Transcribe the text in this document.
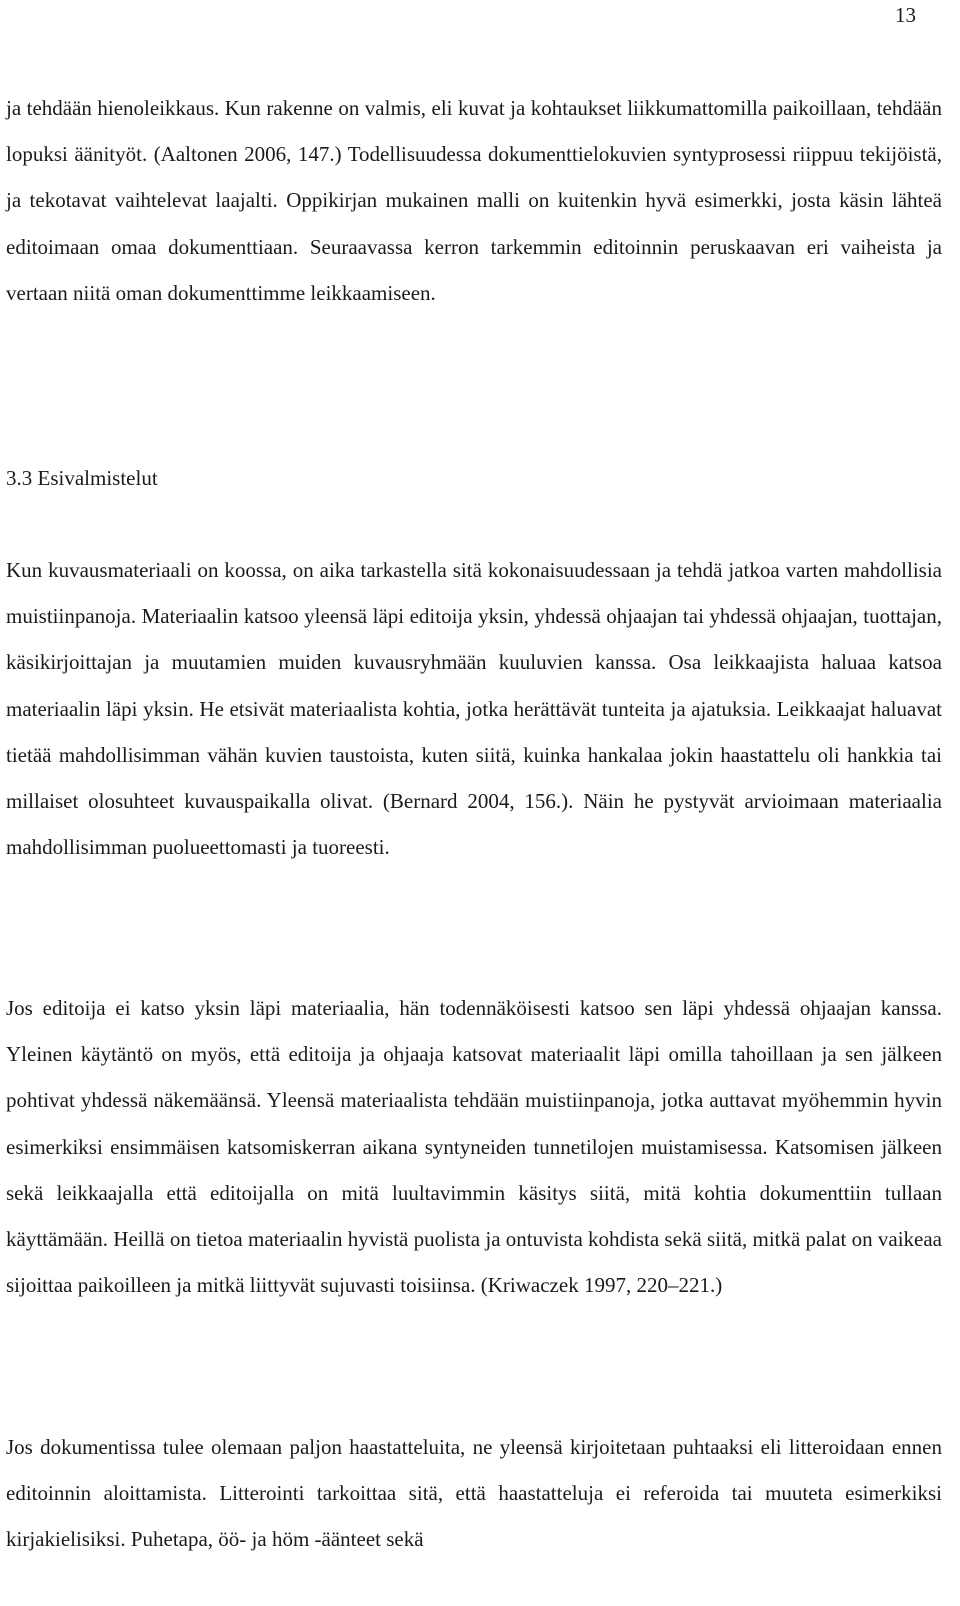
13

ja tehdään hienoleikkaus. Kun rakenne on valmis, eli kuvat ja kohtaukset liikkumattomilla paikoillaan, tehdään lopuksi äänityöt. (Aaltonen 2006, 147.) Todellisuudessa dokumenttielokuvien syntyprosessi riippuu tekijöistä, ja tekotavat vaihtelevat laajalti. Oppikirjan mukainen malli on kuitenkin hyvä esimerkki, josta käsin lähteä editoimaan omaa dokumenttiaan. Seuraavassa kerron tarkemmin editoinnin peruskaavan eri vaiheista ja vertaan niitä oman dokumenttimme leikkaamiseen.

3.3 Esivalmistelut

Kun kuvausmateriaali on koossa, on aika tarkastella sitä kokonaisuudessaan ja tehdä jatkoa varten mahdollisia muistiinpanoja. Materiaalin katsoo yleensä läpi editoija yksin, yhdessä ohjaajan tai yhdessä ohjaajan, tuottajan, käsikirjoittajan ja muutamien muiden kuvausryhmään kuuluvien kanssa. Osa leikkaajista haluaa katsoa materiaalin läpi yksin. He etsivät materiaalista kohtia, jotka herättävät tunteita ja ajatuksia. Leikkaajat haluavat tietää mahdollisimman vähän kuvien taustoista, kuten siitä, kuinka hankalaa jokin haastattelu oli hankkia tai millaiset olosuhteet kuvauspaikalla olivat. (Bernard 2004, 156.). Näin he pystyvät arvioimaan materiaalia mahdollisimman puolueettomasti ja tuoreesti.

Jos editoija ei katso yksin läpi materiaalia, hän todennäköisesti katsoo sen läpi yhdessä ohjaajan kanssa. Yleinen käytäntö on myös, että editoija ja ohjaaja katsovat materiaalit läpi omilla tahoillaan ja sen jälkeen pohtivat yhdessä näkemäänsä. Yleensä materiaalista tehdään muistiinpanoja, jotka auttavat myöhemmin hyvin esimerkiksi ensimmäisen katsomiskerran aikana syntyneiden tunnetilojen muistamisessa. Katsomisen jälkeen sekä leikkaajalla että editoijalla on mitä luultavimmin käsitys siitä, mitä kohtia dokumenttiin tullaan käyttämään. Heillä on tietoa materiaalin hyvistä puolista ja ontuvista kohdista sekä siitä, mitkä palat on vaikeaa sijoittaa paikoilleen ja mitkä liittyvät sujuvasti toisiinsa. (Kriwaczek 1997, 220–221.)

Jos dokumentissa tulee olemaan paljon haastatteluita, ne yleensä kirjoitetaan puhtaaksi eli litteroidaan ennen editoinnin aloittamista. Litterointi tarkoittaa sitä, että haastatteluja ei referoida tai muuteta esimerkiksi kirjakielisiksi. Puhetapa, öö- ja höm -äänteet sekä
